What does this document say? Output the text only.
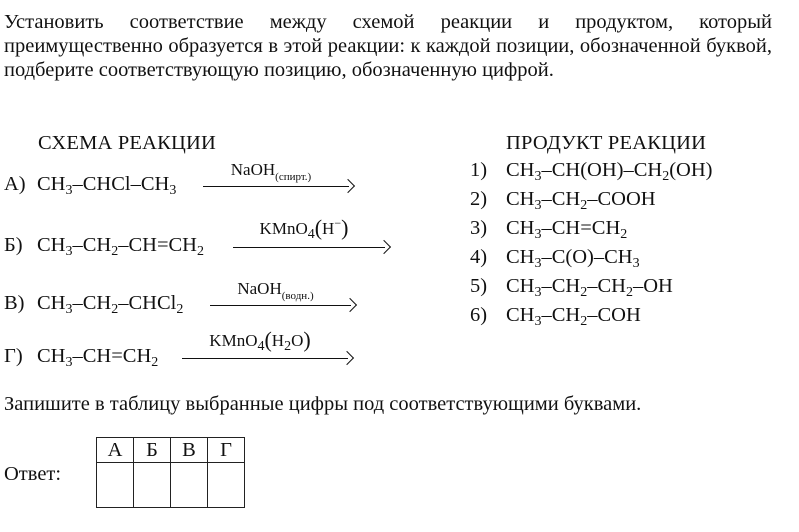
Установить соответствие между схемой реакции и продуктом, который преимущественно образуется в этой реакции: к каждой позиции, обозначенной буквой, подберите соответствующую позицию, обозначенную цифрой.
СХЕМА РЕАКЦИИ	ПРОДУКТ РЕАКЦИИ
А) $CH_3-CHCl-CH_3$
NaOH$_{(спирт.)}$
Б) $CH_3-CH_2-CH=CH_2$
KMnO$_4$(H−)
В) $CH_3-CH_2-CHCl_2$
NaOH$_{(водн.)}$
Г) $CH_3-CH=CH_2$
$KMnO_4(H_2O)$
1) $CH_3-CH(OH)-CH_2(OH)$
2) $CH_3-CH_2$–COOH
3) $CH_3-CH=CH_2$
4) $CH_3-C(O)-CH_3$
5) $CH_3-CH_2-CH_2-OH$
6) $CH_3-CH_2$–COH
Запишите в таблицу выбранные цифры под соответствующими буквами.
Ответ:
А	Б	В	Г
